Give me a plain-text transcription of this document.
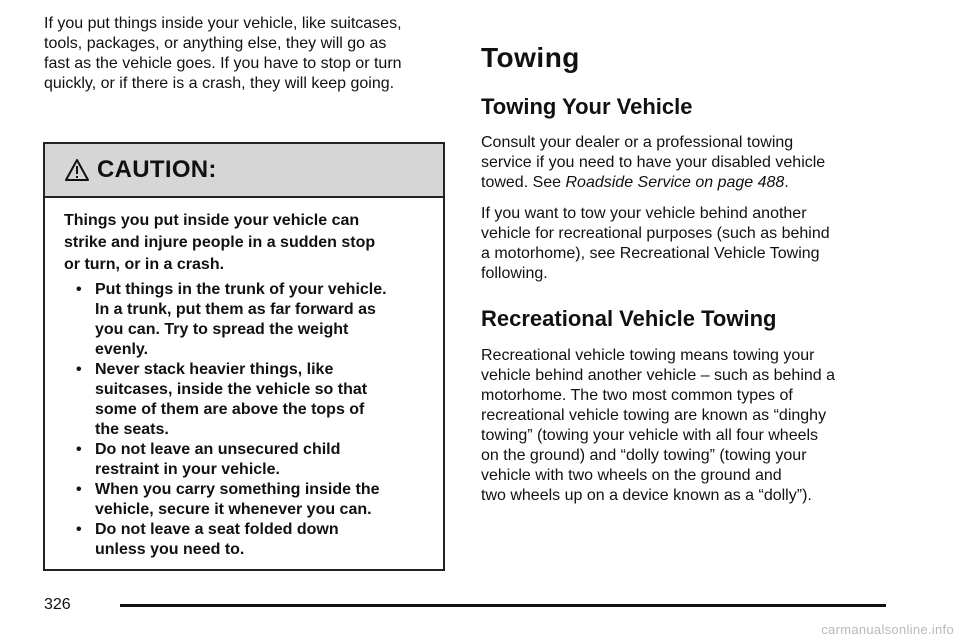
If you put things inside your vehicle, like suitcases,

tools, packages, or anything else, they will go as

fast as the vehicle goes. If you have to stop or turn

quickly, or if there is a crash, they will keep going.

CAUTION:
Things you put inside your vehicle can
strike and injure people in a sudden stop
or turn, or in a crash.
• Put things in the trunk of your vehicle.
In a trunk, put them as far forward as
you can. Try to spread the weight
evenly.
• Never stack heavier things, like
suitcases, inside the vehicle so that
some of them are above the tops of
the seats.
• Do not leave an unsecured child
restraint in your vehicle.
• When you carry something inside the
vehicle, secure it whenever you can.
• Do not leave a seat folded down
unless you need to.
Towing
Towing Your Vehicle

Consult your dealer or a professional towing

service if you need to have your disabled vehicle

towed. See Roadside Service on page 488.

If you want to tow your vehicle behind another

vehicle for recreational purposes (such as behind

a motorhome), see Recreational Vehicle Towing

following.

Recreational Vehicle Towing

Recreational vehicle towing means towing your

vehicle behind another vehicle – such as behind a

motorhome. The two most common types of

recreational vehicle towing are known as “dinghy

towing” (towing your vehicle with all four wheels

on the ground) and “dolly towing” (towing your

vehicle with two wheels on the ground and

two wheels up on a device known as a “dolly”).

326
carmanualsonline.info
